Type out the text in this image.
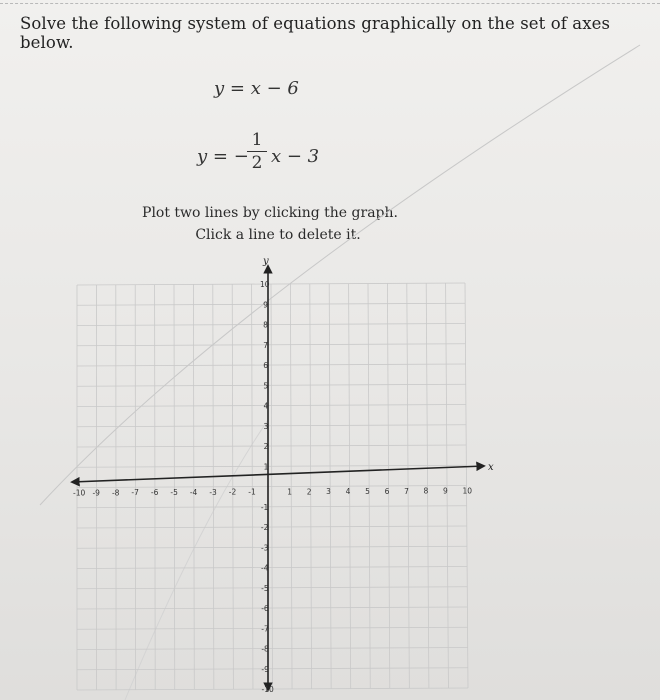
Solve the following system of equations graphically on the set of axes below.
y = x − 6
y = −
1
2 x − 3
Plot two lines by clicking the graph.
Click a line to delete it.
-10 -9 -8 -7 -6 -5 -4 -3 -2 -1	1 2 3 4 5 6 7 8 9 10
10
9
8
7
6
5
4
3
2
1
-1
-2
-3
-4
-5
-6
-7
-8
-9
-10
x
y
